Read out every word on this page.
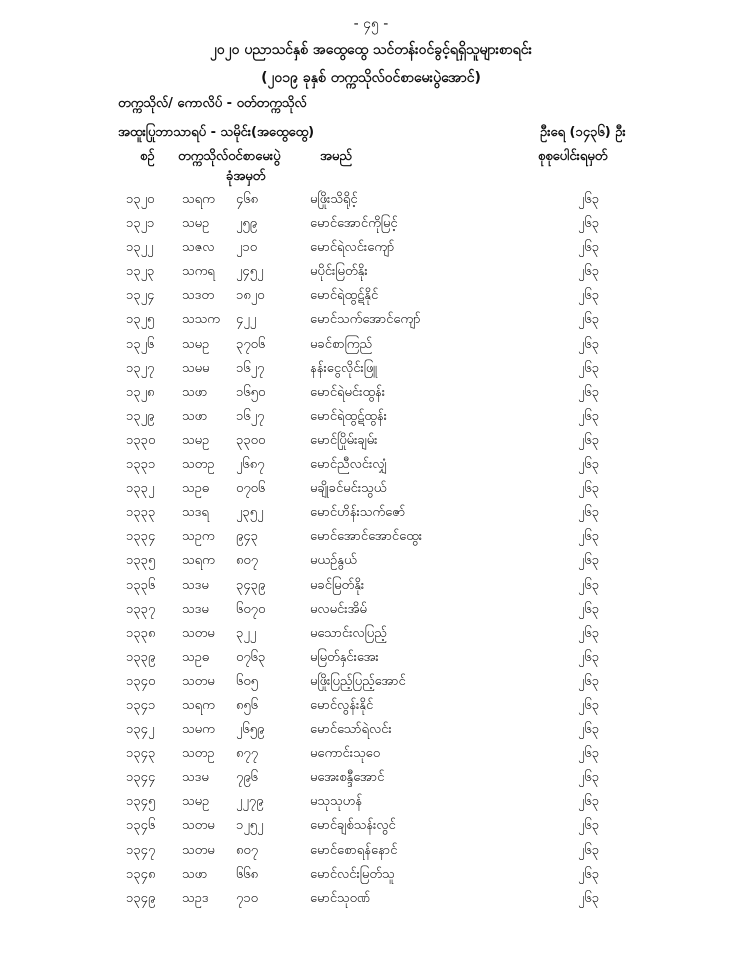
- ၄၅ -
၂၀၂၀ ပညာသင်နှစ် အထွေထွေ သင်တန်းဝင်ခွင့်ရရှိသူများစာရင်း
(၂၀၁၉ ခုနှစ် တက္ကသိုလ်ဝင်စာမေးပွဲအောင်)
တက္ကသိုလ်/ ကောလိပ် - ဝတ်တက္ကသိုလ်
အထူးပြုဘာသာရပ် - သမိုင်း(အထွေထွေ)	ဦးရေ (၁၄၃၆) ဦး
စဉ် တက္ကသိုလ်ဝင်စာမေးပွဲ
ခုံအမှတ်
အမည်	စုစုပေါင်းရမှတ်
၁၃၂၀ သရက ၄၆၈	မဖြိုးသိရိုင့်	၂၆၃
၁၃၂၁ သမဥ ၂၅၉	မောင်အောင်ကိုမြင့်	၂၆၃
၁၃၂၂ သဇလ ၂၁၀	မောင်ရဲလင်းကျော်	၂၆၃
၁၃၂၃ သကရ ၂၄၅၂	မပိုင်းမြတ်နိုး	၂၆၃
၁၃၂၄ သဒတ ၁၈၂၀	မောင်ရဲထွဋ်နိုင်	၂၆၃
၁၃၂၅ သသက ၄၂၂	မောင်သက်အောင်ကျော်	၂၆၃
၁၃၂၆ သမဥ ၃၇၀၆	မခင်စာကြည်	၂၆၃
၁၃၂၇ သမမ ၁၆၂၇	နန်းငွေလိုင်းဖြူ	၂၆၃
၁၃၂၈ သဖာ ၁၆၅၀	မောင်ရဲမင်းထွန်း	၂၆၃
၁၃၂၉ သဖာ ၁၆၂၇	မောင်ရဲထွဋ်ထွန်း	၂၆၃
၁၃၃၀ သမဥ ၃၃၀၀	မောင်ပြိုမ်းချမ်း	၂၆၃
၁၃၃၁ သတဥ ၂၆၈၇	မောင်ညီလင်းလျှံ	၂၆၃
၁၃၃၂ သဥဓ ၀၇၀၆	မချိုခင်မင်းသွယ်	၂၆၃
၁၃၃၃ သဒရ ၂၃၅၂	မောင်ဟိန်းသက်ဇော်	၂၆၃
၁၃၃၄ သဥက ၉၄၃	မောင်အောင်အောင်ထွေး	၂၆၃
၁၃၃၅ သရက ၈၀၇	မယဉ်နွယ်	၂၆၃
၁၃၃၆ သဒမ ၃၄၃၉	မခင်မြတ်နိုး	၂၆၃
၁၃၃၇ သဒမ ၆၀၇၀	မလမင်းအိမ်	၂၆၃
၁၃၃၈ သတမ ၃၂၂	မသောင်းလပြည့်	၂၆၃
၁၃၃၉ သဥဓ ၀၇၆၃	မမြတ်နှင်းအေး	၂၆၃
၁၃၄၀ သတမ ၆၀၅	မဖြိုးပြည့်ပြည့်အောင်	၂၆၃
၁၃၄၁ သရက ၈၅၆	မောင်လွန်းနိုင်	၂၆၃
၁၃၄၂ သမက ၂၆၅၉	မောင်သော်ရဲလင်း	၂၆၃
၁၃၄၃ သတဥ ၈၇၇	မကောင်းသုဝေ	၂၆၃
၁၃၄၄ သဒမ ၇၉၆	မအေးစန္ဒီအောင်	၂၆၃
၁၃၄၅ သမဥ ၂၂၇၉	မသုသုဟန်	၂၆၃
၁၃၄၆ သတမ ၁၂၅၂	မောင်ချစ်သန်းလွင်	၂၆၃
၁၃၄၇ သတမ ၈၀၇	မောင်စောရန်နောင်	၂၆၃
၁၃၄၈ သဖာ ၆၆၈	မောင်လင်းမြတ်သူ	၂၆၃
၁၃၄၉ သဥဒ ၇၁၀	မောင်သုဝဏ်	၂၆၃
